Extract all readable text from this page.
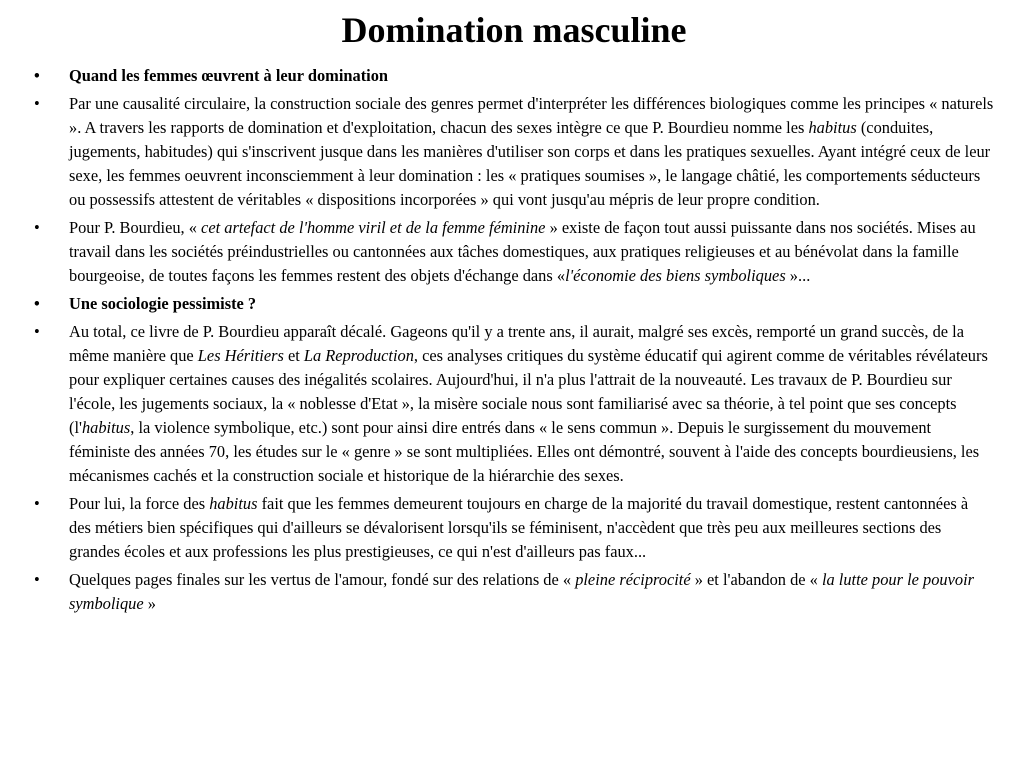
Domination masculine
• Quand les femmes œuvrent à leur domination
• Par une causalité circulaire, la construction sociale des genres permet d'interpréter les différences biologiques comme les principes « naturels ». A travers les rapports de domination et d'exploitation, chacun des sexes intègre ce que P. Bourdieu nomme les habitus (conduites, jugements, habitudes) qui s'inscrivent jusque dans les manières d'utiliser son corps et dans les pratiques sexuelles. Ayant intégré ceux de leur sexe, les femmes oeuvrent inconsciemment à leur domination : les « pratiques soumises », le langage châtié, les comportements séducteurs ou possessifs attestent de véritables « dispositions incorporées » qui vont jusqu'au mépris de leur propre condition.
• Pour P. Bourdieu, « cet artefact de l'homme viril et de la femme féminine » existe de façon tout aussi puissante dans nos sociétés. Mises au travail dans les sociétés préindustrielles ou cantonnées aux tâches domestiques, aux pratiques religieuses et au bénévolat dans la famille bourgeoise, de toutes façons les femmes restent des objets d'échange dans «l'économie des biens symboliques »...
• Une sociologie pessimiste ?
• Au total, ce livre de P. Bourdieu apparaît décalé. Gageons qu'il y a trente ans, il aurait, malgré ses excès, remporté un grand succès, de la même manière que Les Héritiers et La Reproduction, ces analyses critiques du système éducatif qui agirent comme de véritables révélateurs pour expliquer certaines causes des inégalités scolaires. Aujourd'hui, il n'a plus l'attrait de la nouveauté. Les travaux de P. Bourdieu sur l'école, les jugements sociaux, la « noblesse d'Etat », la misère sociale nous sont familiarisé avec sa théorie, à tel point que ses concepts (l'habitus, la violence symbolique, etc.) sont pour ainsi dire entrés dans « le sens commun ». Depuis le surgissement du mouvement féministe des années 70, les études sur le « genre » se sont multipliées. Elles ont démontré, souvent à l'aide des concepts bourdieusiens, les mécanismes cachés et la construction sociale et historique de la hiérarchie des sexes.
• Pour lui, la force des habitus fait que les femmes demeurent toujours en charge de la majorité du travail domestique, restent cantonnées à des métiers bien spécifiques qui d'ailleurs se dévalorisent lorsqu'ils se féminisent, n'accèdent que très peu aux meilleures sections des grandes écoles et aux professions les plus prestigieuses, ce qui n'est d'ailleurs pas faux...
• Quelques pages finales sur les vertus de l'amour, fondé sur des relations de « pleine réciprocité » et l'abandon de « la lutte pour le pouvoir symbolique »
